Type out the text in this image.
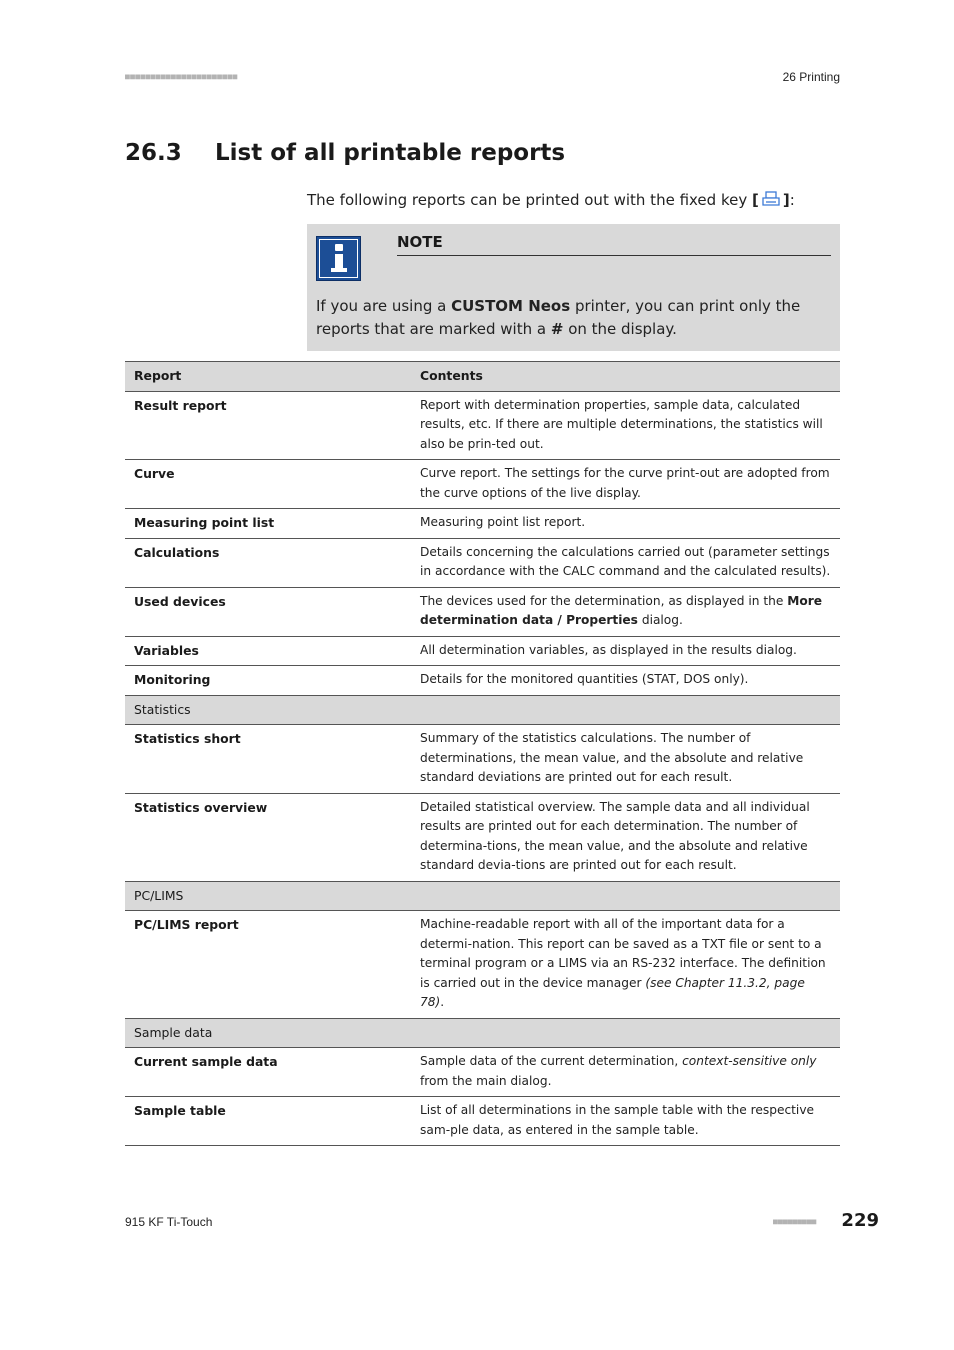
■■■■■■■■■■■■■■■■■■■■■■	26 Printing
26.3 List of all printable reports

The following reports can be printed out with the fixed key [ ]:

NOTE
If you are using a CUSTOM Neos printer, you can print only the reports that are marked with a # on the display.
Report	Contents
Result report	Report with determination properties, sample data, calculated results, etc. If there are multiple determinations, the statistics will also be prin-ted out.
Curve	Curve report. The settings for the curve print-out are adopted from the curve options of the live display.
Measuring point list	Measuring point list report.
Calculations	Details concerning the calculations carried out (parameter settings in accordance with the CALC command and the calculated results).
Used devices	The devices used for the determination, as displayed in the More determination data / Properties dialog.
Variables	All determination variables, as displayed in the results dialog.
Monitoring	Details for the monitored quantities (STAT, DOS only).
Statistics	
Statistics short	Summary of the statistics calculations. The number of determinations, the mean value, and the absolute and relative standard deviations are printed out for each result.
Statistics overview	Detailed statistical overview. The sample data and all individual results are printed out for each determination. The number of determina-tions, the mean value, and the absolute and relative standard devia-tions are printed out for each result.
PC/LIMS	
PC/LIMS report	Machine-readable report with all of the important data for a determi-nation. This report can be saved as a TXT file or sent to a terminal program or a LIMS via an RS-232 interface. The definition is carried out in the device manager (see Chapter 11.3.2, page 78).
Sample data	
Current sample data	Sample data of the current determination, context-sensitive only from the main dialog.
Sample table	List of all determinations in the sample table with the respective sam-ple data, as entered in the sample table.
915 KF Ti-Touch	■■■■■■■■■ 229
